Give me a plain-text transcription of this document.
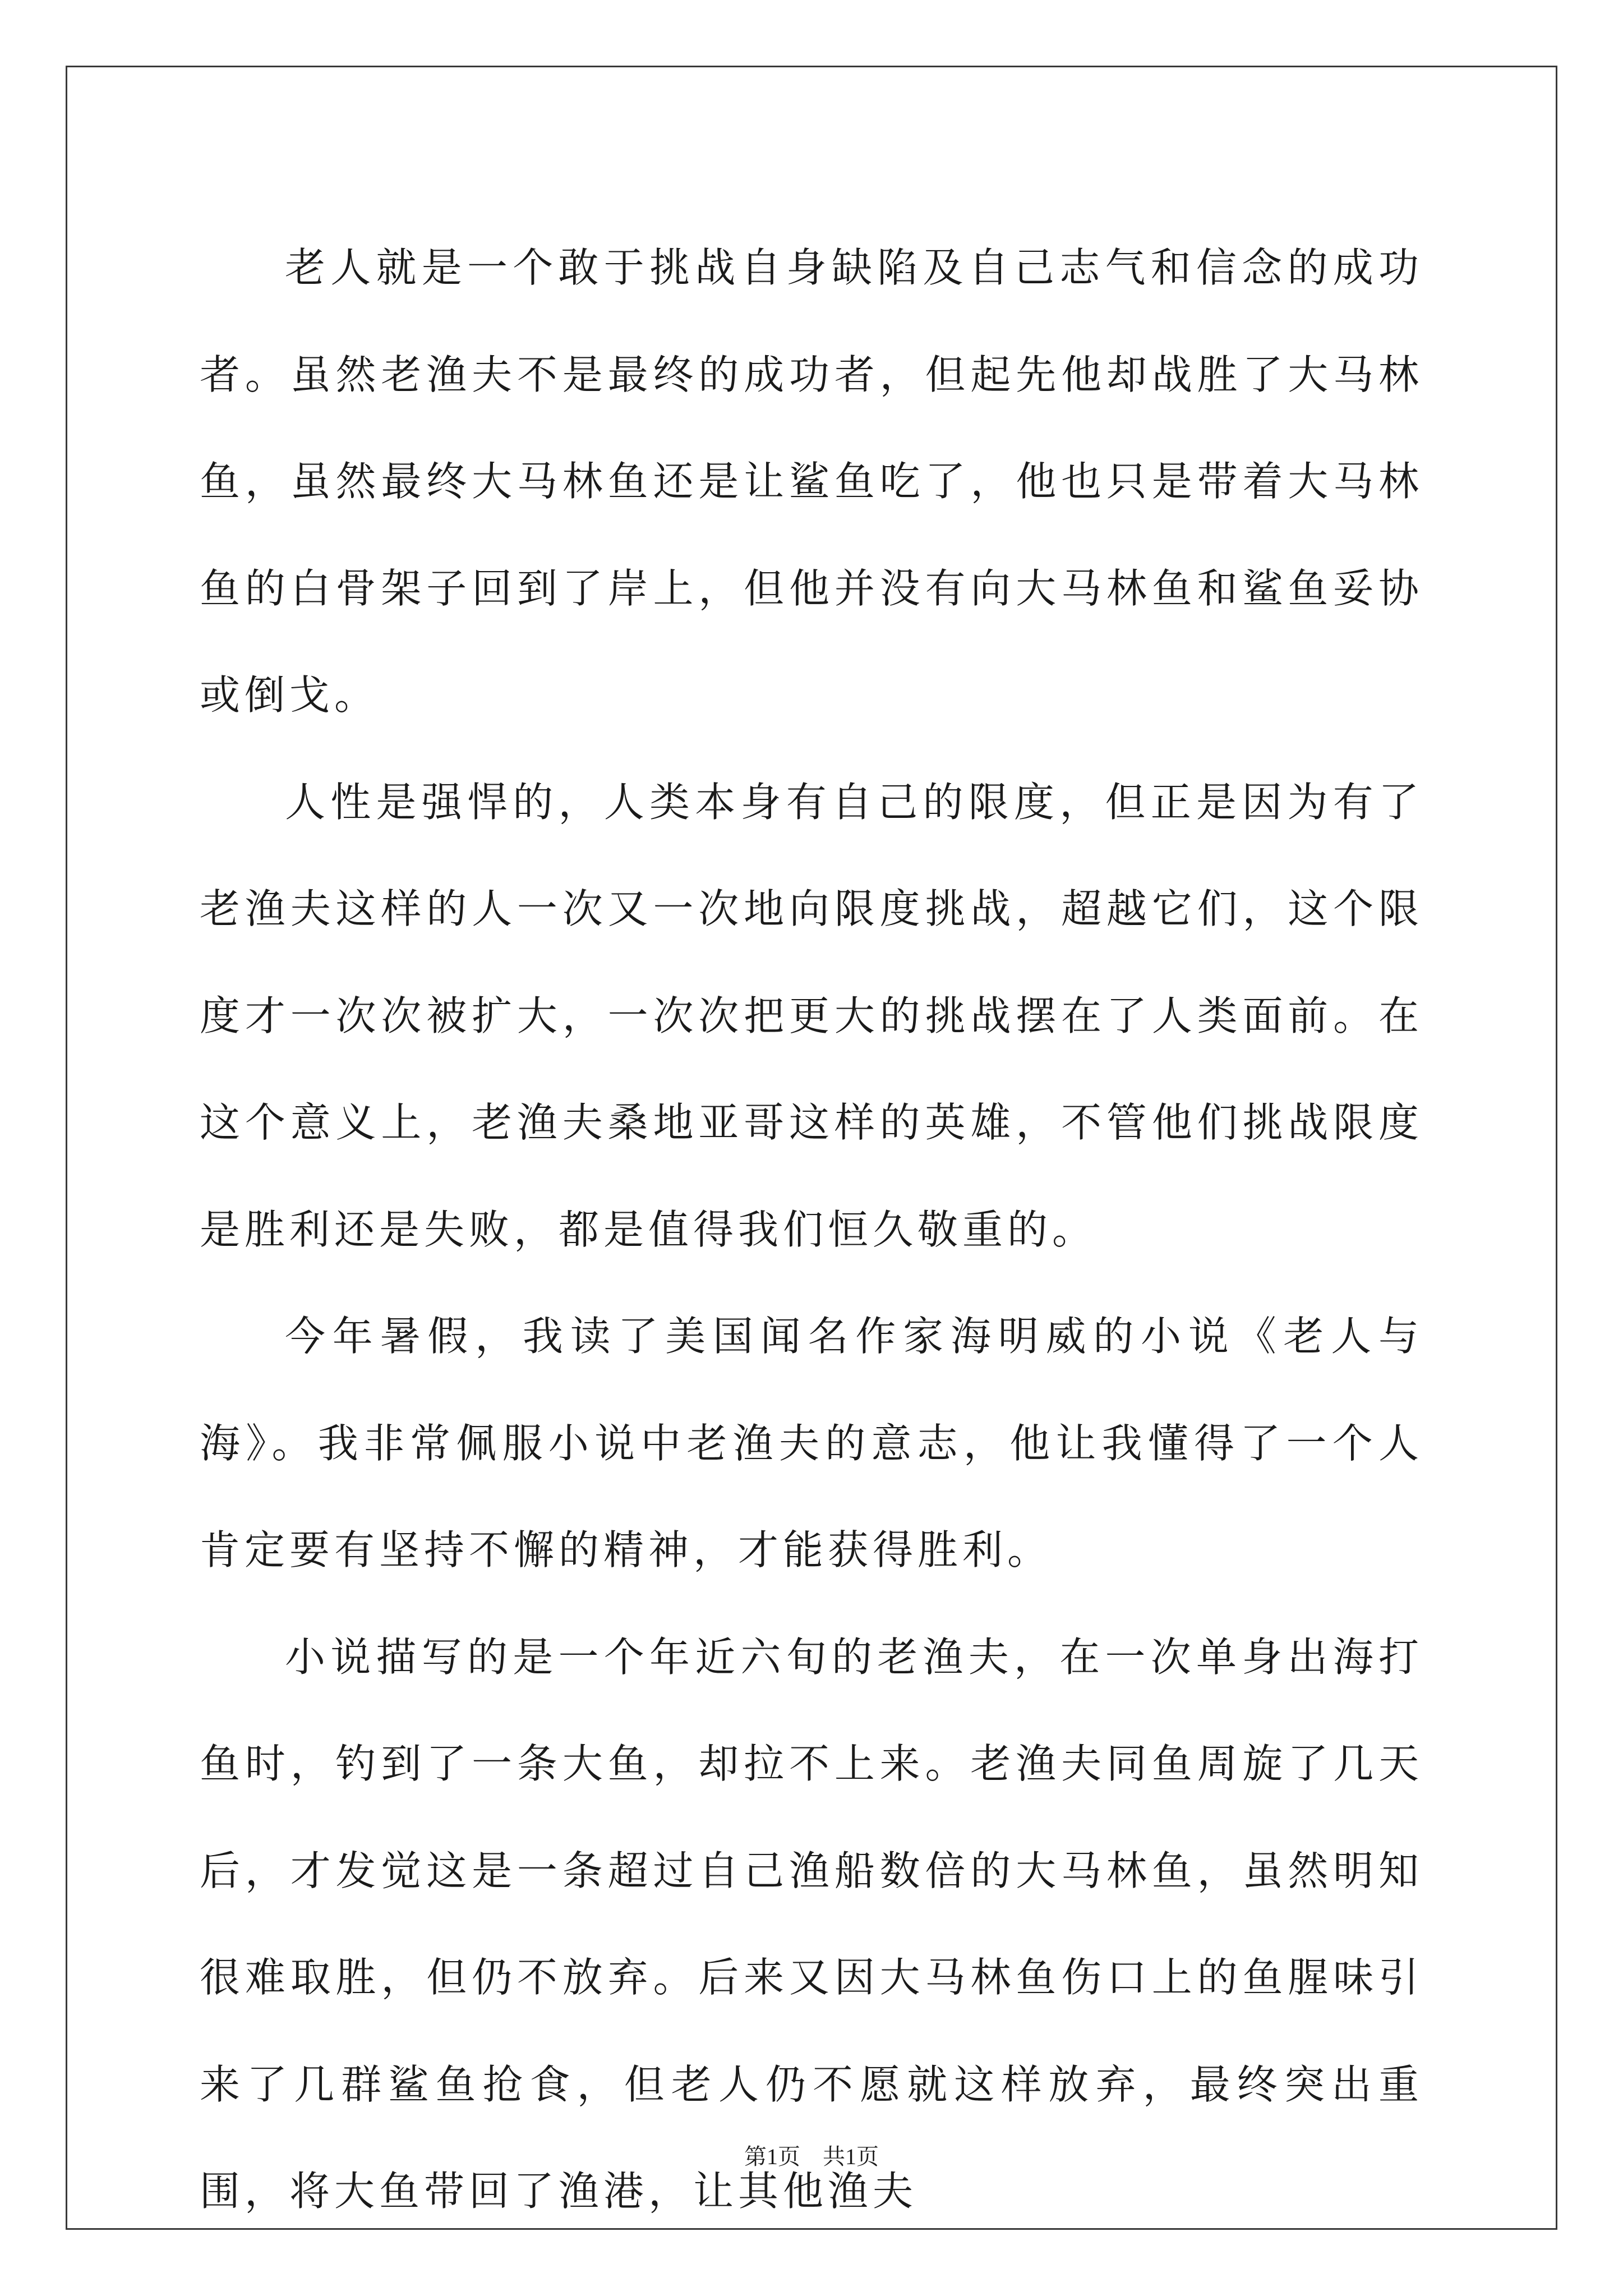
老人就是一个敢于挑战自身缺陷及自己志气和信念的成功者。虽然老渔夫不是最终的成功者，但起先他却战胜了大马林鱼，虽然最终大马林鱼还是让鲨鱼吃了，他也只是带着大马林鱼的白骨架子回到了岸上，但他并没有向大马林鱼和鲨鱼妥协或倒戈。

人性是强悍的，人类本身有自己的限度，但正是因为有了老渔夫这样的人一次又一次地向限度挑战，超越它们，这个限度才一次次被扩大，一次次把更大的挑战摆在了人类面前。在这个意义上，老渔夫桑地亚哥这样的英雄，不管他们挑战限度是胜利还是失败，都是值得我们恒久敬重的。

今年暑假，我读了美国闻名作家海明威的小说《老人与海》。我非常佩服小说中老渔夫的意志，他让我懂得了一个人肯定要有坚持不懈的精神，才能获得胜利。

小说描写的是一个年近六旬的老渔夫，在一次单身出海打鱼时，钓到了一条大鱼，却拉不上来。老渔夫同鱼周旋了几天后，才发觉这是一条超过自己渔船数倍的大马林鱼，虽然明知很难取胜，但仍不放弃。后来又因大马林鱼伤口上的鱼腥味引来了几群鲨鱼抢食，但老人仍不愿就这样放弃，最终突出重围，将大鱼带回了渔港，让其他渔夫

第1页　共1页
